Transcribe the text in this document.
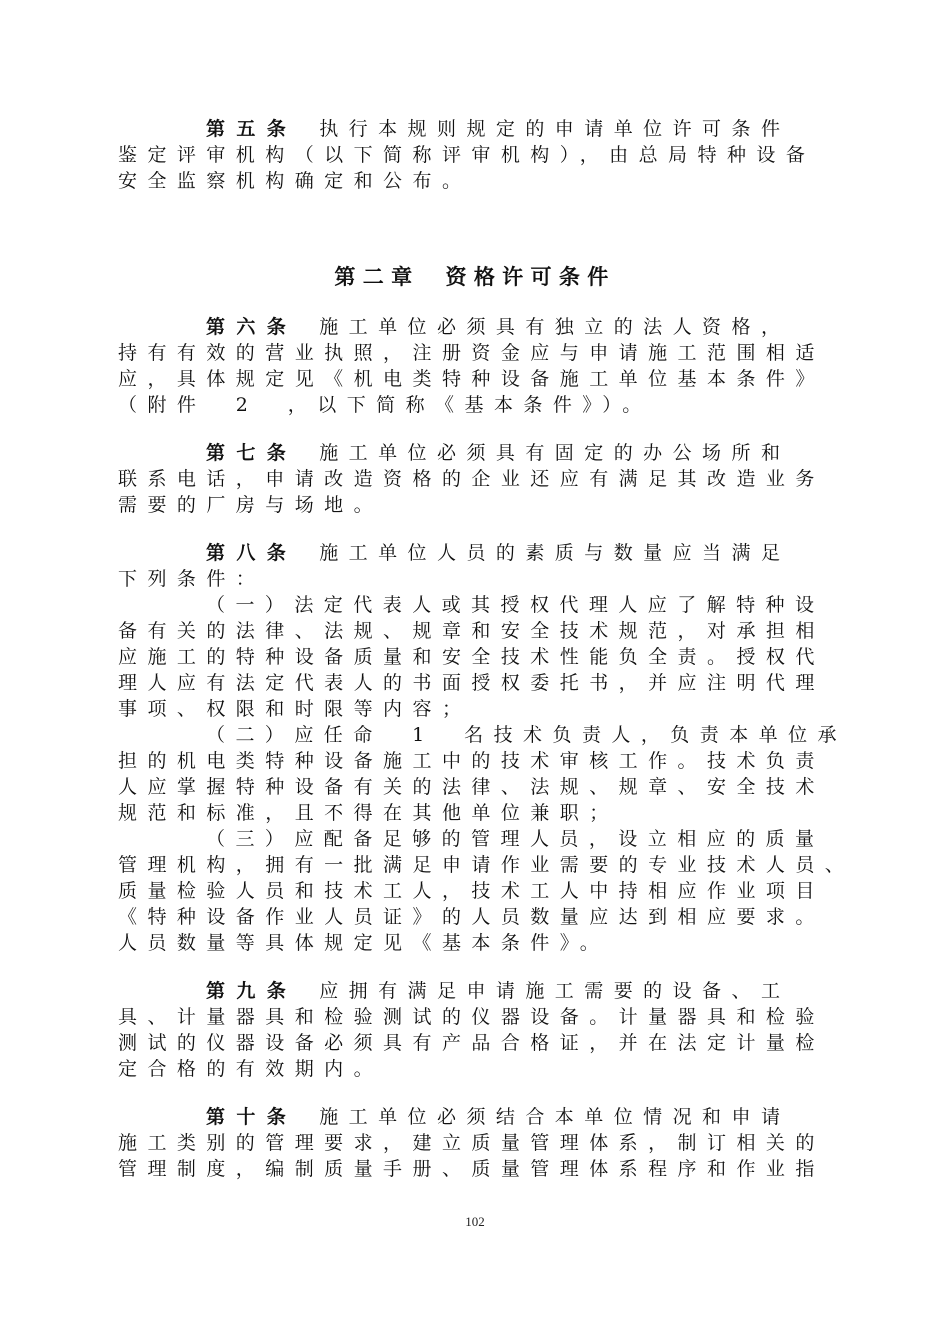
第五条 执行本规则规定的申请单位许可条件
鉴定评审机构（以下简称评审机构），由总局特种设备
安全监察机构确定和公布。
第二章 资格许可条件
第六条 施工单位必须具有独立的法人资格，
持有有效的营业执照，注册资金应与申请施工范围相适
应，具体规定见《机电类特种设备施工单位基本条件》
（附件　2　，以下简称《基本条件》）。
第七条 施工单位必须具有固定的办公场所和
联系电话，申请改造资格的企业还应有满足其改造业务
需要的厂房与场地。
第八条 施工单位人员的素质与数量应当满足
下列条件：
（一）法定代表人或其授权代理人应了解特种设
备有关的法律、法规、规章和安全技术规范，对承担相
应施工的特种设备质量和安全技术性能负全责。授权代
理人应有法定代表人的书面授权委托书，并应注明代理
事项、权限和时限等内容；
（二）应任命　1　名技术负责人，负责本单位承
担的机电类特种设备施工中的技术审核工作。技术负责
人应掌握特种设备有关的法律、法规、规章、安全技术
规范和标准，且不得在其他单位兼职；
（三）应配备足够的管理人员，设立相应的质量
管理机构，拥有一批满足申请作业需要的专业技术人员、
质量检验人员和技术工人，技术工人中持相应作业项目
《特种设备作业人员证》的人员数量应达到相应要求。
人员数量等具体规定见《基本条件》。
第九条 应拥有满足申请施工需要的设备、工
具、计量器具和检验测试的仪器设备。计量器具和检验
测试的仪器设备必须具有产品合格证，并在法定计量检
定合格的有效期内。
第十条 施工单位必须结合本单位情况和申请
施工类别的管理要求，建立质量管理体系，制订相关的
管理制度，编制质量手册、质量管理体系程序和作业指
102
